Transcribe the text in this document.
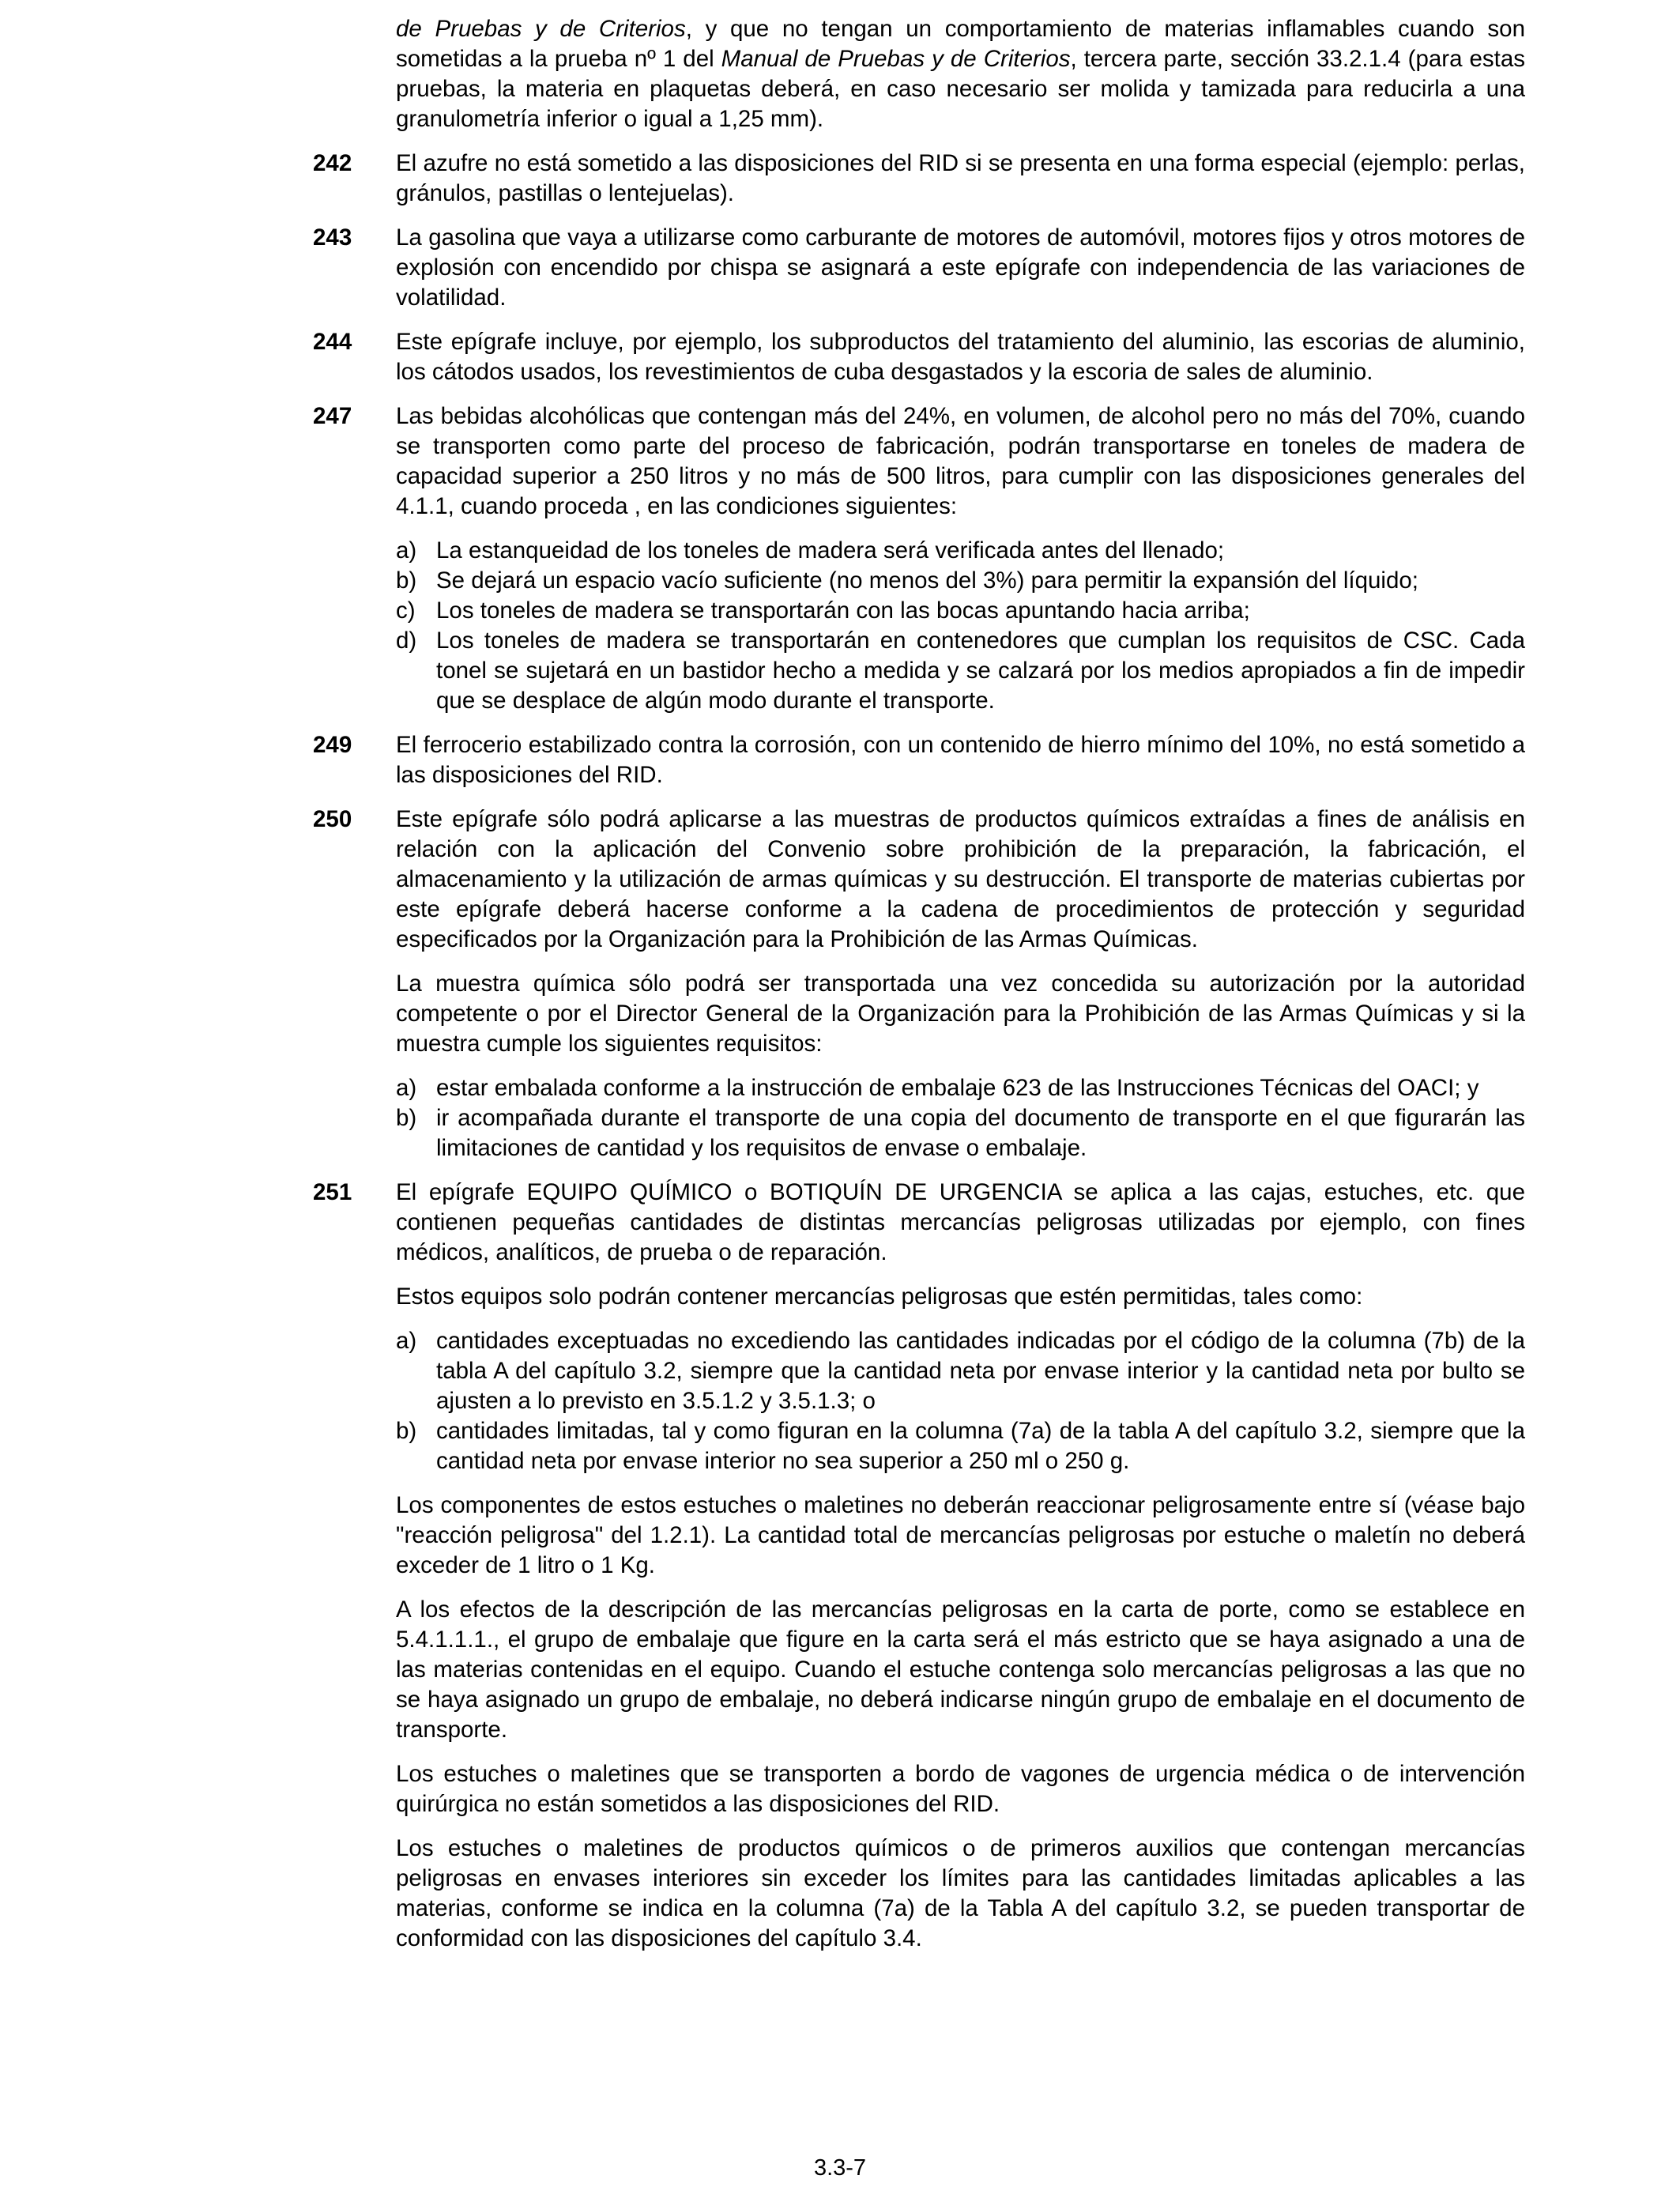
de Pruebas y de Criterios, y que no tengan un comportamiento de materias inflamables cuando son sometidas a la prueba nº 1 del Manual de Pruebas y de Criterios, tercera parte, sección 33.2.1.4 (para estas pruebas, la materia en plaquetas deberá, en caso necesario ser molida y tamizada para reducirla a una granulometría inferior o igual a 1,25 mm).

242	El azufre no está sometido a las disposiciones del RID si se presenta en una forma especial (ejemplo: perlas, gránulos, pastillas o lentejuelas).

243	La gasolina que vaya a utilizarse como carburante de motores de automóvil, motores fijos y otros motores de explosión con encendido por chispa se asignará a este epígrafe con independencia de las variaciones de volatilidad.

244	Este epígrafe incluye, por ejemplo, los subproductos del tratamiento del aluminio, las escorias de aluminio, los cátodos usados, los revestimientos de cuba desgastados y la escoria de sales de aluminio.

247	Las bebidas alcohólicas que contengan más del 24%, en volumen, de alcohol pero no más del 70%, cuando se transporten como parte del proceso de fabricación, podrán transportarse en toneles de madera de capacidad superior a 250 litros y no más de 500 litros, para cumplir con las disposiciones generales del 4.1.1, cuando proceda , en las condiciones siguientes:

a) La estanqueidad de los toneles de madera será verificada antes del llenado;
b) Se dejará un espacio vacío suficiente (no menos del 3%) para permitir la expansión del líquido;
c) Los toneles de madera se transportarán con las bocas apuntando hacia arriba;
d) Los toneles de madera se transportarán en contenedores que cumplan los requisitos de CSC. Cada tonel se sujetará en un bastidor hecho a medida y se calzará por los medios apropiados a fin de impedir que se desplace de algún modo durante el transporte.
249	El ferrocerio estabilizado contra la corrosión, con un contenido de hierro mínimo del 10%, no está sometido a las disposiciones del RID.

250	Este epígrafe sólo podrá aplicarse a las muestras de productos químicos extraídas a fines de análisis en relación con la aplicación del Convenio sobre prohibición de la preparación, la fabricación, el almacenamiento y la utilización de armas químicas y su destrucción. El transporte de materias cubiertas por este epígrafe deberá hacerse conforme a la cadena de procedimientos de protección y seguridad especificados por la Organización para la Prohibición de las Armas Químicas.

La muestra química sólo podrá ser transportada una vez concedida su autorización por la autoridad competente o por el Director General de la Organización para la Prohibición de las Armas Químicas y si la muestra cumple los siguientes requisitos:

a) estar embalada conforme a la instrucción de embalaje 623 de las Instrucciones Técnicas del OACI; y
b) ir acompañada durante el transporte de una copia del documento de transporte en el que figurarán las limitaciones de cantidad y los requisitos de envase o embalaje.
251	El epígrafe EQUIPO QUÍMICO o BOTIQUÍN DE URGENCIA se aplica a las cajas, estuches, etc. que contienen pequeñas cantidades de distintas mercancías peligrosas utilizadas por ejemplo, con fines médicos, analíticos, de prueba o de reparación.

Estos equipos solo podrán contener mercancías peligrosas que estén permitidas, tales como:

a) cantidades exceptuadas no excediendo las cantidades indicadas por el código de la columna (7b) de la tabla A del capítulo 3.2, siempre que la cantidad neta por envase interior y la cantidad neta por bulto se ajusten a lo previsto en 3.5.1.2 y 3.5.1.3; o
b) cantidades limitadas, tal y como figuran en la columna (7a) de la tabla A del capítulo 3.2, siempre que la cantidad neta por envase interior no sea superior a 250 ml o 250 g.

Los componentes de estos estuches o maletines no deberán reaccionar peligrosamente entre sí (véase bajo "reacción peligrosa" del 1.2.1). La cantidad total de mercancías peligrosas por estuche o maletín no deberá exceder de 1 litro o 1 Kg.

A los efectos de la descripción de las mercancías peligrosas en la carta de porte, como se establece en 5.4.1.1.1., el grupo de embalaje que figure en la carta será el más estricto que se haya asignado a una de las materias contenidas en el equipo. Cuando el estuche contenga solo mercancías peligrosas a las que no se haya asignado un grupo de embalaje, no deberá indicarse ningún grupo de embalaje en el documento de transporte.

Los estuches o maletines que se transporten a bordo de vagones de urgencia médica o de intervención quirúrgica no están sometidos a las disposiciones del RID.

Los estuches o maletines de productos químicos o de primeros auxilios que contengan mercancías peligrosas en envases interiores sin exceder los límites para las cantidades limitadas aplicables a las materias, conforme se indica en la columna (7a) de la Tabla A del capítulo 3.2, se pueden transportar de conformidad con las disposiciones del capítulo 3.4.

3.3-7
